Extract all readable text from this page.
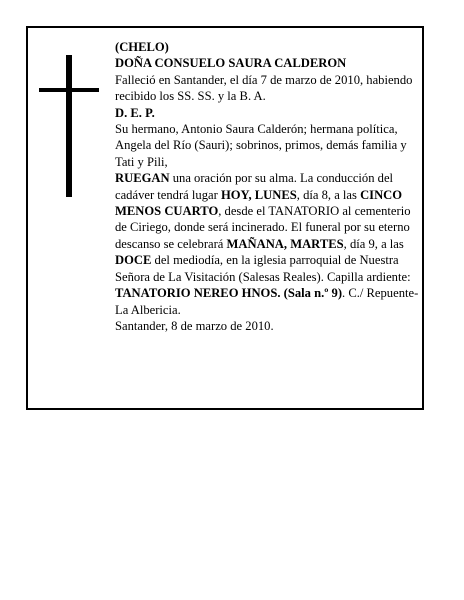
(CHELO)

DOÑA CONSUELO SAURA CALDERON

Falleció en Santander, el día 7 de marzo de 2010, habiendo recibido los SS. SS. y la B. A.

D. E. P.

Su hermano, Antonio Saura Calderón; hermana política, Angela del Río (Sauri); sobrinos, primos, demás familia y Tati y Pili,

RUEGAN una oración por su alma. La conducción del cadáver tendrá lugar HOY, LUNES, día 8, a las CINCO MENOS CUARTO, desde el TANATORIO al cementerio de Ciriego, donde será incinerado. El funeral por su eterno descanso se celebrará MAÑANA, MARTES, día 9, a las DOCE del mediodía, en la iglesia parroquial de Nuestra Señora de La Visitación (Salesas Reales). Capilla ardiente: TANATORIO NEREO HNOS. (Sala n.º 9). C./ Repuente-La Albericia.

Santander, 8 de marzo de 2010.
